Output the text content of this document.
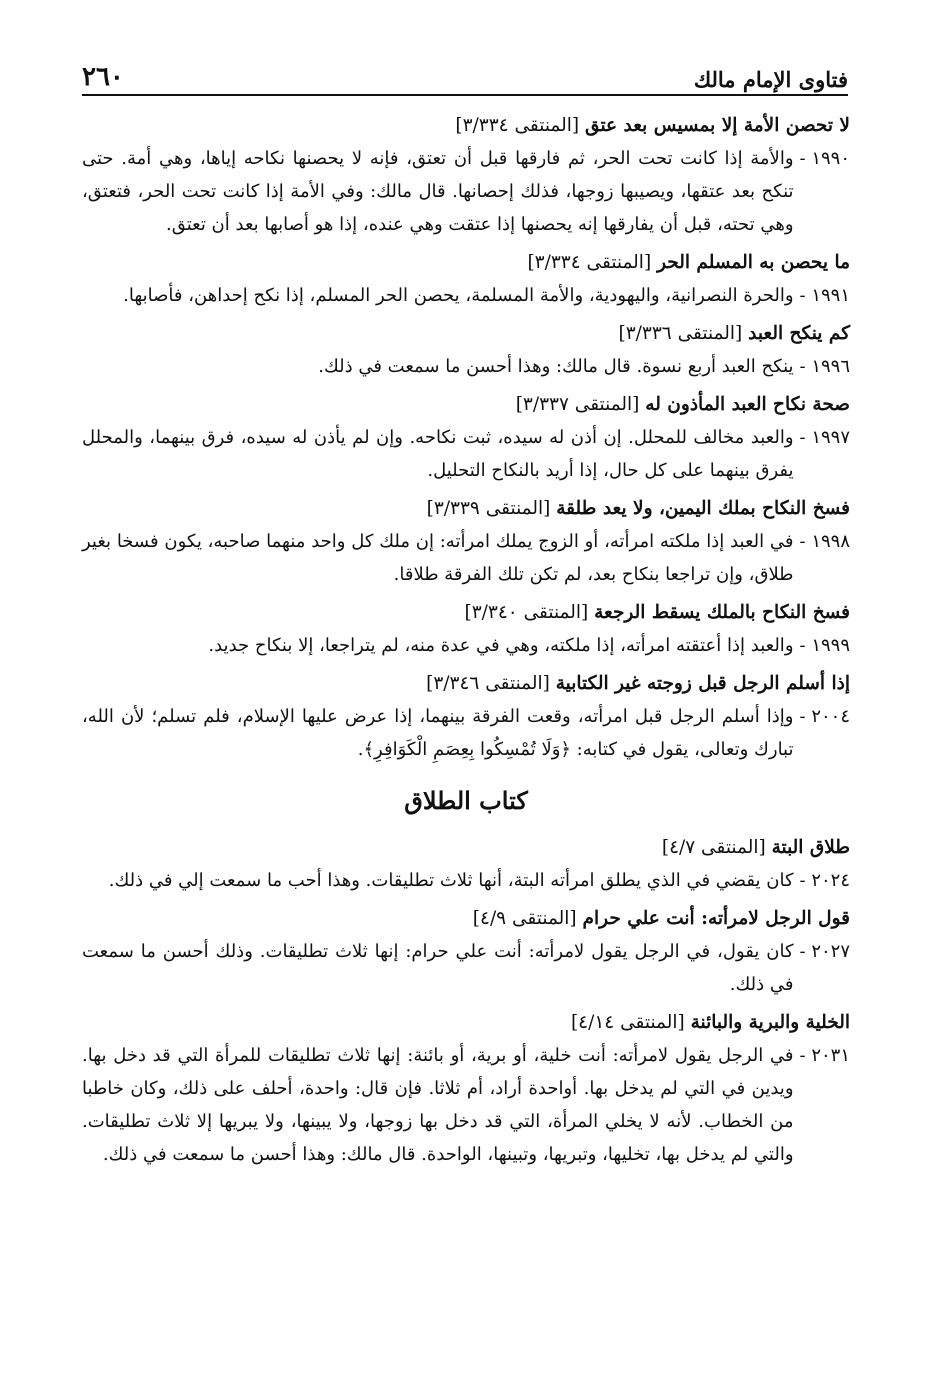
فتاوى الإمام مالك
٢٦٠
لا تحصن الأمة إلا بمسيس بعد عتق [المنتقى ٣/٣٣٤]
١٩٩٠ -
والأمة إذا كانت تحت الحر، ثم فارقها قبل أن تعتق، فإنه لا يحصنها نكاحه إياها، وهي أمة. حتى تنكح بعد عتقها، ويصيبها زوجها، فذلك إحصانها. قال مالك: وفي الأمة إذا كانت تحت الحر، فتعتق، وهي تحته، قبل أن يفارقها إنه يحصنها إذا عتقت وهي عنده، إذا هو أصابها بعد أن تعتق.
ما يحصن به المسلم الحر [المنتقى ٣/٣٣٤]
١٩٩١ -
والحرة النصرانية، واليهودية، والأمة المسلمة، يحصن الحر المسلم، إذا نكح إحداهن، فأصابها.
كم ينكح العبد [المنتقى ٣/٣٣٦]
١٩٩٦ -
ينكح العبد أربع نسوة. قال مالك: وهذا أحسن ما سمعت في ذلك.
صحة نكاح العبد المأذون له [المنتقى ٣/٣٣٧]
١٩٩٧ -
والعبد مخالف للمحلل. إن أذن له سيده، ثبت نكاحه. وإن لم يأذن له سيده، فرق بينهما، والمحلل يفرق بينهما على كل حال، إذا أريد بالنكاح التحليل.
فسخ النكاح بملك اليمين، ولا يعد طلقة [المنتقى ٣/٣٣٩]
١٩٩٨ -
في العبد إذا ملكته امرأته، أو الزوج يملك امرأته: إن ملك كل واحد منهما صاحبه، يكون فسخا بغير طلاق، وإن تراجعا بنكاح بعد، لم تكن تلك الفرقة طلاقا.
فسخ النكاح بالملك يسقط الرجعة [المنتقى ٣/٣٤٠]
١٩٩٩ -
والعبد إذا أعتقته امرأته، إذا ملكته، وهي في عدة منه، لم يتراجعا، إلا بنكاح جديد.
إذا أسلم الرجل قبل زوجته غير الكتابية [المنتقى ٣/٣٤٦]
٢٠٠٤ -
وإذا أسلم الرجل قبل امرأته، وقعت الفرقة بينهما، إذا عرض عليها الإسلام، فلم تسلم؛ لأن الله، تبارك وتعالى، يقول في كتابه: ﴿وَلَا تُمْسِكُوا بِعِصَمِ الْكَوَافِرِ﴾.
كتاب الطلاق
طلاق البتة [المنتقى ٤/٧]
٢٠٢٤ -
كان يقضي في الذي يطلق امرأته البتة، أنها ثلاث تطليقات. وهذا أحب ما سمعت إلي في ذلك.
قول الرجل لامرأته: أنت علي حرام [المنتقى ٤/٩]
٢٠٢٧ -
كان يقول، في الرجل يقول لامرأته: أنت علي حرام: إنها ثلاث تطليقات. وذلك أحسن ما سمعت في ذلك.
الخلية والبرية والبائنة [المنتقى ٤/١٤]
٢٠٣١ -
في الرجل يقول لامرأته: أنت خلية، أو برية، أو بائنة: إنها ثلاث تطليقات للمرأة التي قد دخل بها. ويدين في التي لم يدخل بها. أواحدة أراد، أم ثلاثا. فإن قال: واحدة، أحلف على ذلك، وكان خاطبا من الخطاب. لأنه لا يخلي المرأة، التي قد دخل بها زوجها، ولا يبينها، ولا يبريها إلا ثلاث تطليقات. والتي لم يدخل بها، تخليها، وتبريها، وتبينها، الواحدة. قال مالك: وهذا أحسن ما سمعت في ذلك.
